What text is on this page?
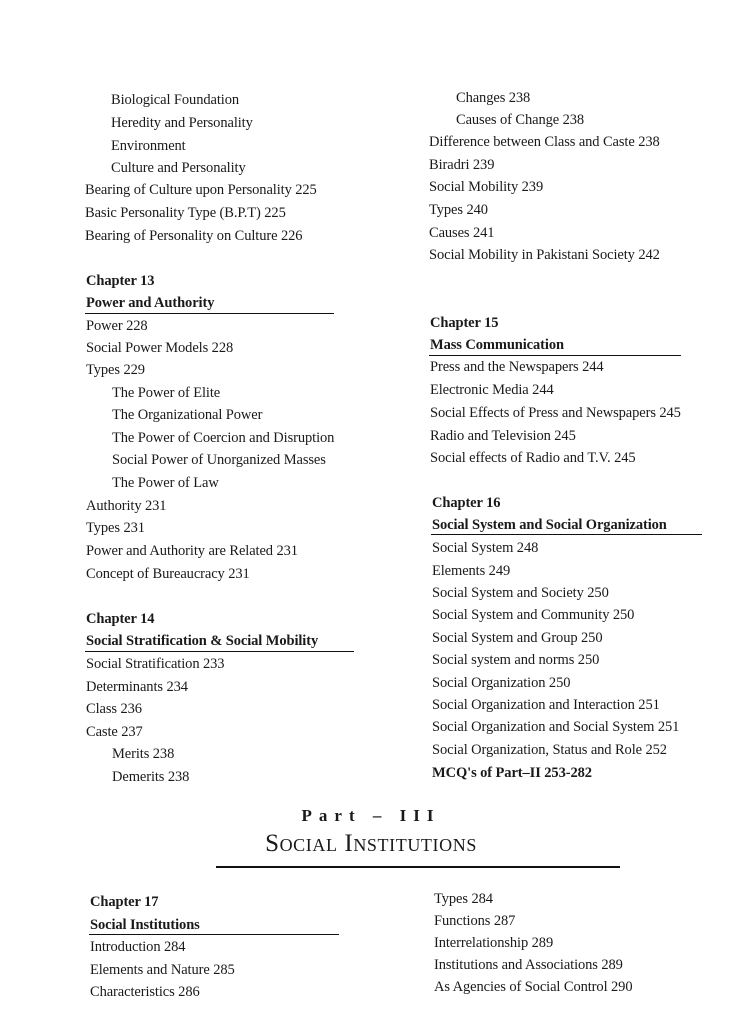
Biological Foundation
Heredity and Personality
Environment
Culture and Personality
Bearing of Culture upon Personality 225
Basic Personality Type (B.P.T) 225
Bearing of Personality on Culture 226
Chapter 13
Power and Authority
Power 228
Social Power Models 228
Types 229
The Power of Elite
The Organizational Power
The Power of Coercion and Disruption
Social Power of Unorganized Masses
The Power of Law
Authority 231
Types 231
Power and Authority are Related 231
Concept of Bureaucracy 231
Chapter 14
Social Stratification & Social Mobility
Social Stratification 233
Determinants 234
Class 236
Caste 237
Merits 238
Demerits 238
Changes 238
Causes of Change 238
Difference between Class and Caste 238
Biradri 239
Social Mobility 239
Types 240
Causes 241
Social Mobility in Pakistani Society 242
Chapter 15
Mass Communication
Press and the Newspapers 244
Electronic Media 244
Social Effects of Press and Newspapers 245
Radio and Television 245
Social effects of Radio and T.V. 245
Chapter 16
Social System and Social Organization
Social System 248
Elements 249
Social System and Society 250
Social System and Community 250
Social System and Group 250
Social system and norms 250
Social Organization 250
Social Organization and Interaction 251
Social Organization and Social System 251
Social Organization, Status and Role 252
MCQ's of Part–II 253-282
Part – III
Social Institutions
Chapter 17
Social Institutions
Introduction 284
Elements and Nature 285
Characteristics 286
Types 284
Functions 287
Interrelationship 289
Institutions and Associations 289
As Agencies of Social Control 290
